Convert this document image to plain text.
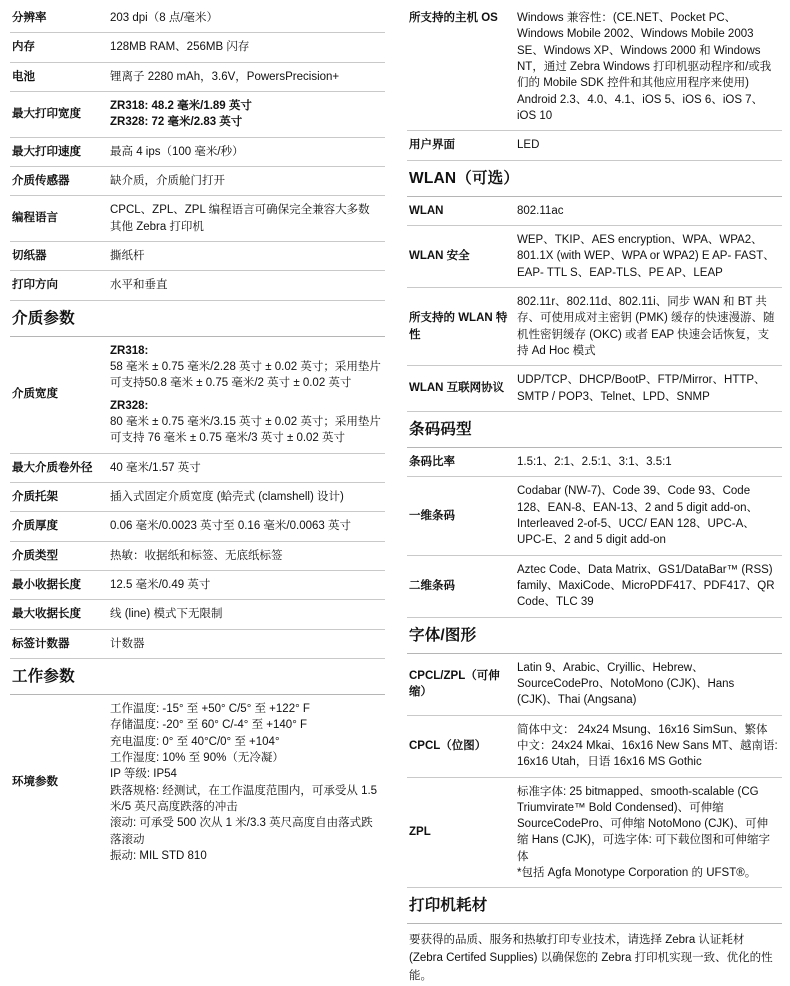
分辨率	203 dpi（8 点/毫米）

内存	128MB RAM、256MB 闪存

电池	锂离子 2280 mAh，3.6V，PowersPrecision+

最大打印宽度	ZR318: 48.2 毫米/1.89 英寸

ZR328: 72 毫米/2.83 英寸

最大打印速度	最高 4 ips（100 毫米/秒）

介质传感器	缺介质，介质舱门打开

编程语言	CPCL、ZPL、ZPL 编程语言可确保完全兼容大多数其他 Zebra 打印机

切纸器	撕纸杆

打印方向	水平和垂直

介质参数
介质宽度	ZR318:

58 毫米 ± 0.75 毫米/2.28 英寸 ± 0.02 英寸；采用垫片可支持50.8 毫米 ± 0.75 毫米/2 英寸 ± 0.02 英寸

ZR328:

80 毫米 ± 0.75 毫米/3.15 英寸 ± 0.02 英寸；采用垫片可支持 76 毫米 ± 0.75 毫米/3 英寸 ± 0.02 英寸

最大介质卷外径	40 毫米/1.57 英寸

介质托架	插入式固定介质宽度 (蛤壳式 (clamshell) 设计)

介质厚度	0.06 毫米/0.0023 英寸至 0.16 毫米/0.0063 英寸

介质类型	热敏：收据纸和标签、无底纸标签

最小收据长度	12.5 毫米/0.49 英寸

最大收据长度	线 (line) 模式下无限制

标签计数器	计数器

工作参数
环境参数	

工作温度: -15° 至 +50° C/5° 至 +122° F

存储温度: -20° 至 60° C/-4° 至 +140° F

充电温度: 0° 至 40°C/0° 至 +104°

工作湿度: 10% 至 90%（无冷凝）

IP 等级: IP54

跌落规格: 经测试，在工作温度范围内，可承受从 1.5 米/5 英尺高度跌落的冲击

滚动: 可承受 500 次从 1 米/3.3 英尺高度自由落式跌落滚动

振动: MIL STD 810

所支持的主机 OS	Windows 兼容性：(CE.NET、Pocket PC、Windows Mobile 2002、Windows Mobile 2003 SE、Windows XP、Windows 2000 和 Windows NT，通过 Zebra Windows 打印机驱动程序和/或我们的 Mobile SDK 控件和其他应用程序来使用) Android 2.3、4.0、4.1、iOS 5、iOS 6、iOS 7、iOS 10

用户界面	LED

WLAN（可选）
WLAN	802.11ac

WLAN 安全	WEP、TKIP、AES encryption、WPA、WPA2、801.1X (with WEP、WPA or WPA2) E AP- FAST、EAP- TTL S、EAP-TLS、PE AP、LEAP

所支持的 WLAN 特性	802.11r、802.11d、802.11i、同步 WAN 和 BT 共存、可使用成对主密钥 (PMK) 缓存的快速漫游、随机性密钥缓存 (OKC) 或者 EAP 快速会话恢复，支持 Ad Hoc 模式

WLAN 互联网协议	UDP/TCP、DHCP/BootP、FTP/Mirror、HTTP、SMTP / POP3、Telnet、LPD、SNMP

条码码型
条码比率	1.5:1、2:1、2.5:1、3:1、3.5:1

一维条码	Codabar (NW-7)、Code 39、Code 93、Code 128、EAN-8、EAN-13、2 and 5 digit add-on、Interleaved 2-of-5、UCC/ EAN 128、UPC-A、UPC-E、2 and 5 digit add-on

二维条码	Aztec Code、Data Matrix、GS1/DataBar™ (RSS) family、MaxiCode、MicroPDF417、PDF417、QR Code、TLC 39

字体/图形
CPCL/ZPL（可伸缩）	Latin 9、Arabic、Cryillic、Hebrew、SourceCodePro、NotoMono (CJK)、Hans (CJK)、Thai (Angsana)

CPCL（位图）	简体中文： 24x24 Msung、16x16 SimSun、繁体中文：24x24 Mkai、16x16 New Sans MT、越南语: 16x16 Utah，日语 16x16 MS Gothic

ZPL	标准字体: 25 bitmapped、smooth-scalable (CG Triumvirate™ Bold Condensed)、可伸缩 SourceCodePro、可伸缩 NotoMono (CJK)、可伸缩 Hans (CJK)，可选字体: 可下载位图和可伸缩字体

*包括 Agfa Monotype Corporation 的 UFST®。

打印机耗材
要获得的品质、服务和热敏打印专业技术，请选择 Zebra 认证耗材 (Zebra Certifed Supplies) 以确保您的 Zebra 打印机实现一致、优化的性能。
